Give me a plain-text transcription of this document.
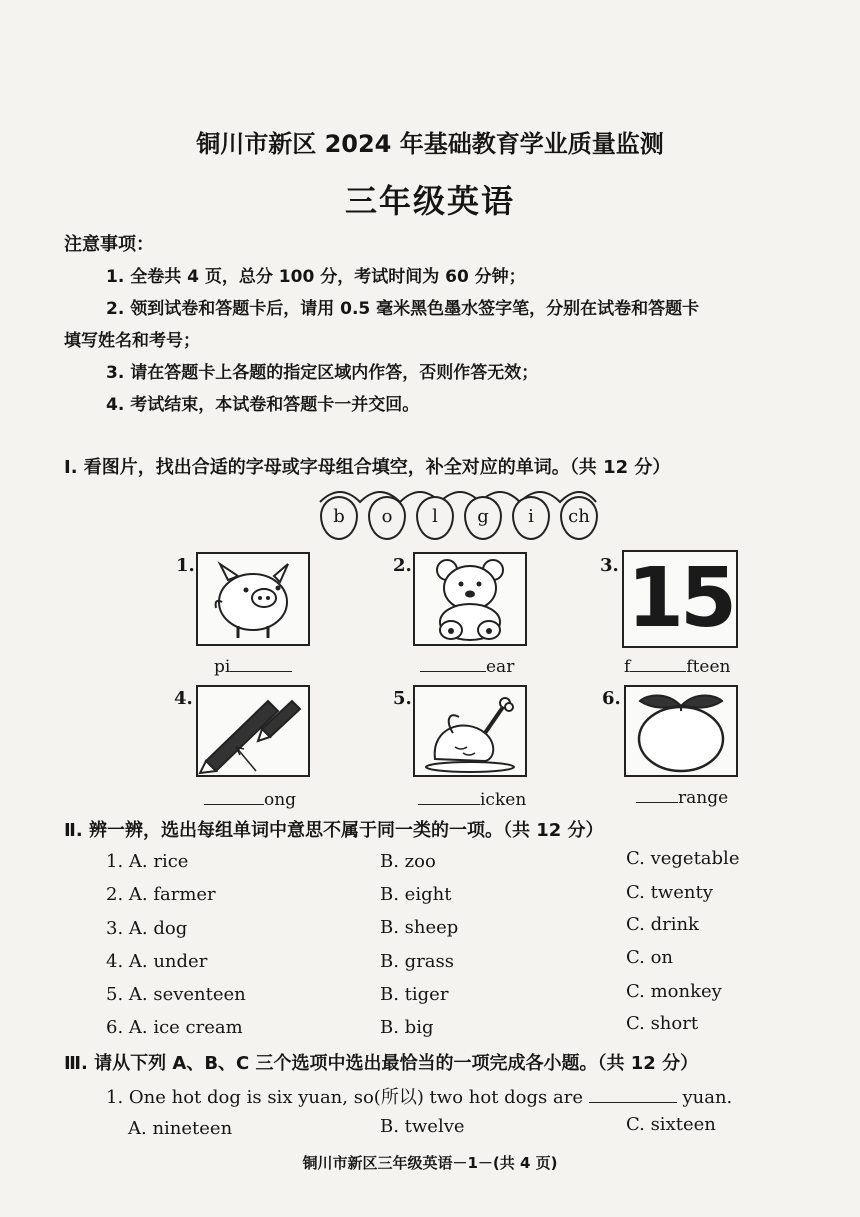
铜川市新区 2024 年基础教育学业质量监测
三年级英语
注意事项：
1. 全卷共 4 页，总分 100 分，考试时间为 60 分钟；
2. 领到试卷和答题卡后，请用 0.5 毫米黑色墨水签字笔，分别在试卷和答题卡
填写姓名和考号；
3. 请在答题卡上各题的指定区域内作答，否则作答无效；
4. 考试结束，本试卷和答题卡一并交回。
Ⅰ. 看图片，找出合适的字母或字母组合填空，补全对应的单词。（共 12 分）
b	o	l	g	i	ch
1.
pi
2.
ear
3. 15
f	fteen
4.
ong
5.
icken
6.
range
Ⅱ. 辨一辨，选出每组单词中意思不属于同一类的一项。（共 12 分）
1. A. rice	B. zoo	C. vegetable
2. A. farmer	B. eight	C. twenty
3. A. dog	B. sheep	C. drink
4. A. under	B. grass	C. on
5. A. seventeen	B. tiger	C. monkey
6. A. ice cream	B. big	C. short
Ⅲ. 请从下列 A、B、C 三个选项中选出最恰当的一项完成各小题。（共 12 分）
1. One hot dog is six yuan, so(所以) two hot dogs are	yuan.
A. nineteen	B. twelve	C. sixteen
铜川市新区三年级英语－1－(共 4 页)
